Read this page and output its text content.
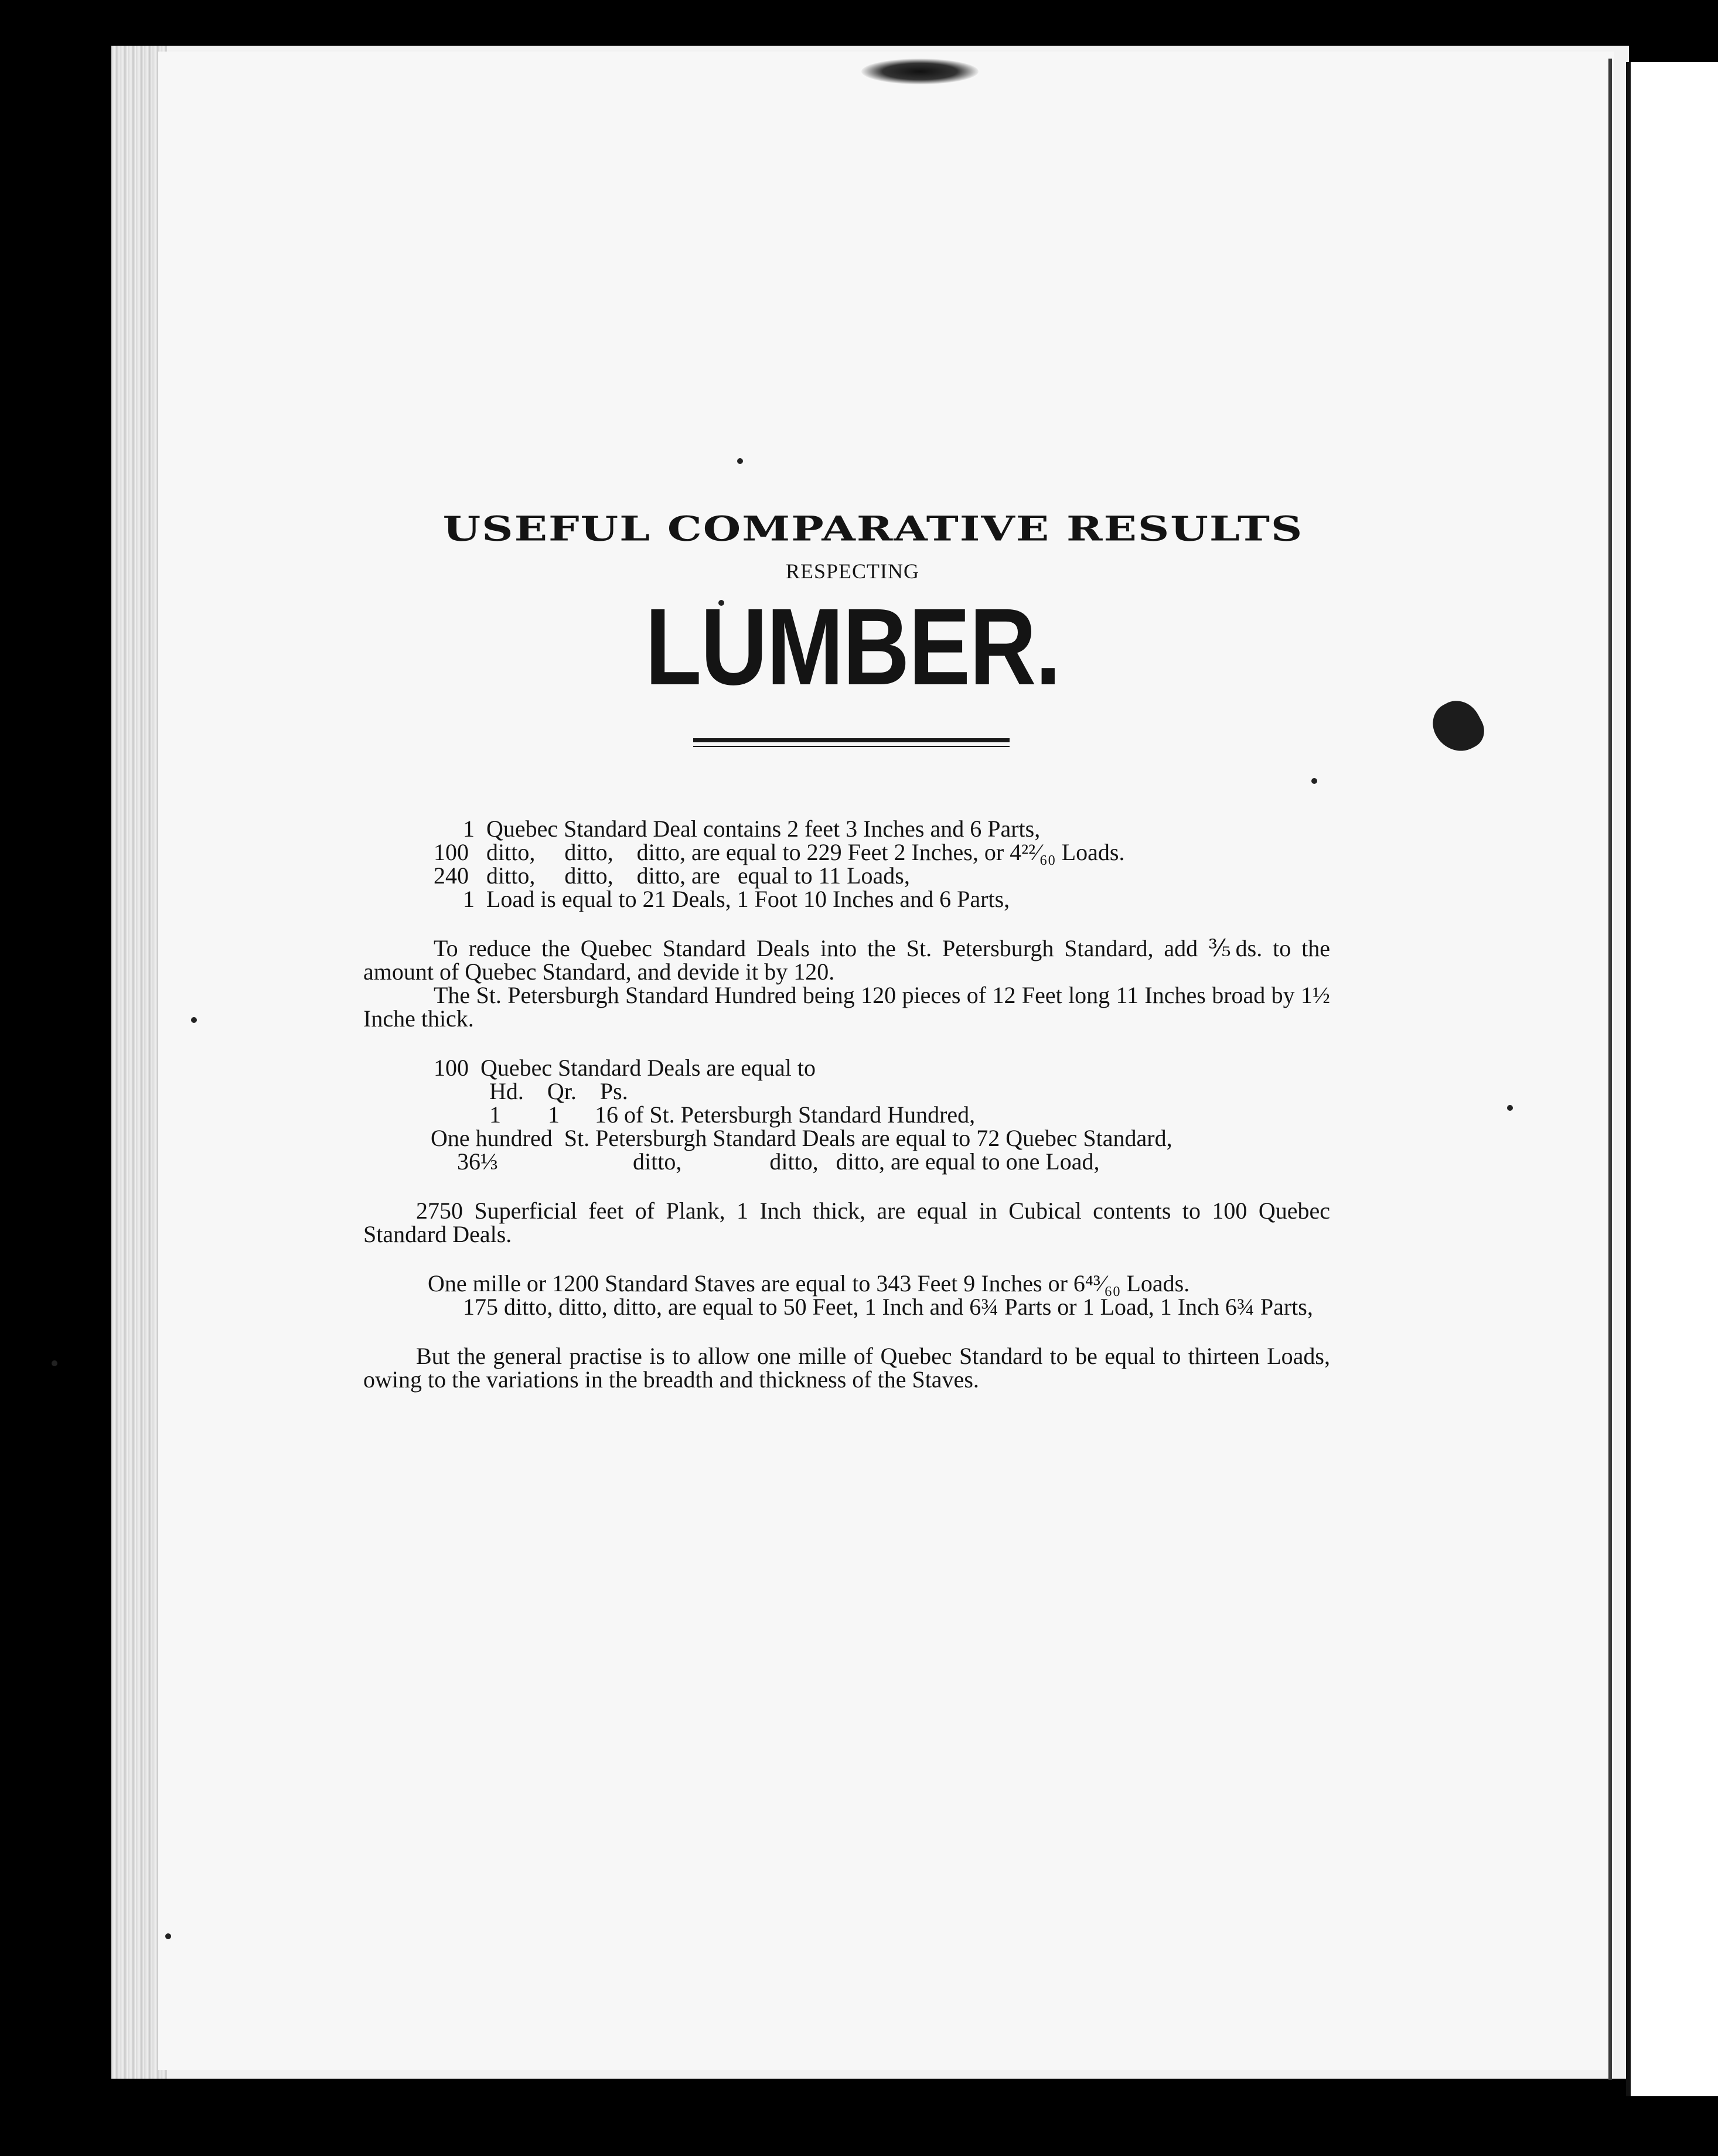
USEFUL COMPARATIVE RESULTS
RESPECTING
LUMBER.
1  Quebec Standard Deal contains 2 feet 3 Inches and 6 Parts,
100   ditto,     ditto,    ditto, are equal to 229 Feet 2 Inches, or 4²²⁄₆₀ Loads.
240   ditto,     ditto,    ditto, are   equal to 11 Loads,
1  Load is equal to 21 Deals, 1 Foot 10 Inches and 6 Parts,
To reduce the Quebec Standard Deals into the St. Petersburgh Standard, add ⅗ds. to the amount of Quebec Standard, and devide it by 120.
The St. Petersburgh Standard Hundred being 120 pieces of 12 Feet long 11 Inches broad by 1½ Inche thick.
100  Quebec Standard Deals are equal to
Hd.    Qr.    Ps.
1        1      16 of St. Petersburgh Standard Hundred,
One hundred  St. Petersburgh Standard Deals are equal to 72 Quebec Standard,
36⅓                       ditto,               ditto,   ditto, are equal to one Load,
2750 Superficial feet of Plank, 1 Inch thick, are equal in Cubical contents to 100 Quebec Standard Deals.
One mille or 1200 Standard Staves are equal to 343 Feet 9 Inches or 6⁴³⁄₆₀ Loads.
175 ditto, ditto, ditto, are equal to 50 Feet, 1 Inch and 6¾ Parts or 1 Load, 1 Inch 6¾ Parts,
But the general practise is to allow one mille of Quebec Standard to be equal to thirteen Loads, owing to the variations in the breadth and thickness of the Staves.
